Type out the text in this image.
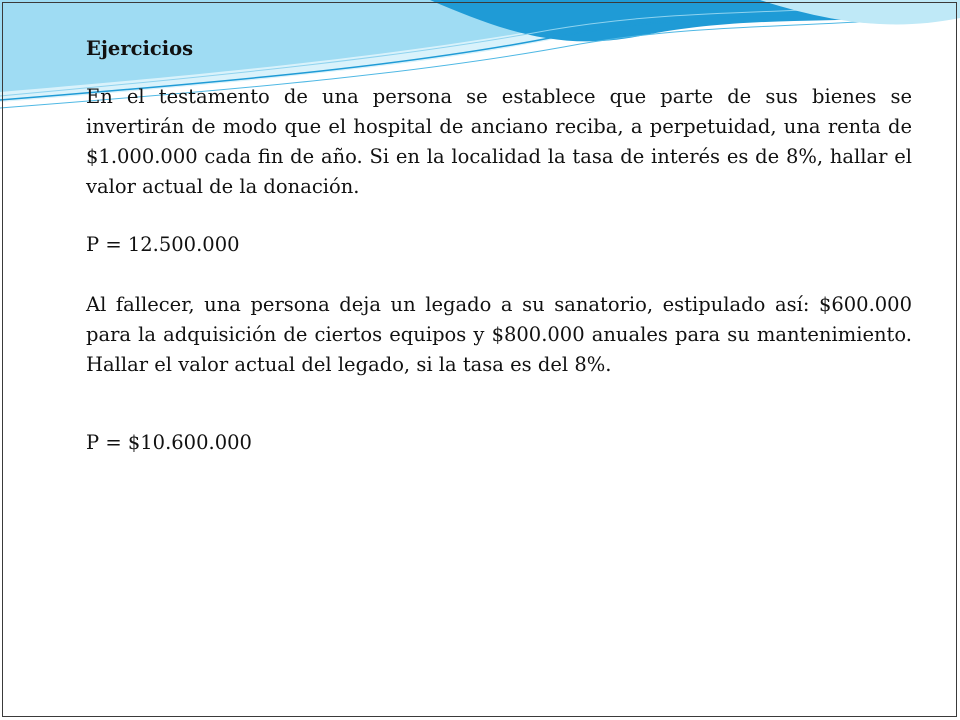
Ejercicios

En el testamento de una persona se establece que parte de sus bienes se invertirán de modo que el hospital de anciano reciba, a perpetuidad, una renta de $1.000.000 cada fin de año. Si en la localidad la tasa de interés es de 8%, hallar el valor actual de la donación.

P = 12.500.000

Al fallecer, una persona deja un legado a su sanatorio, estipulado así: $600.000 para la adquisición de ciertos equipos y $800.000 anuales para su mantenimiento. Hallar el valor actual del legado, si la tasa es del 8%.

P = $10.600.000
